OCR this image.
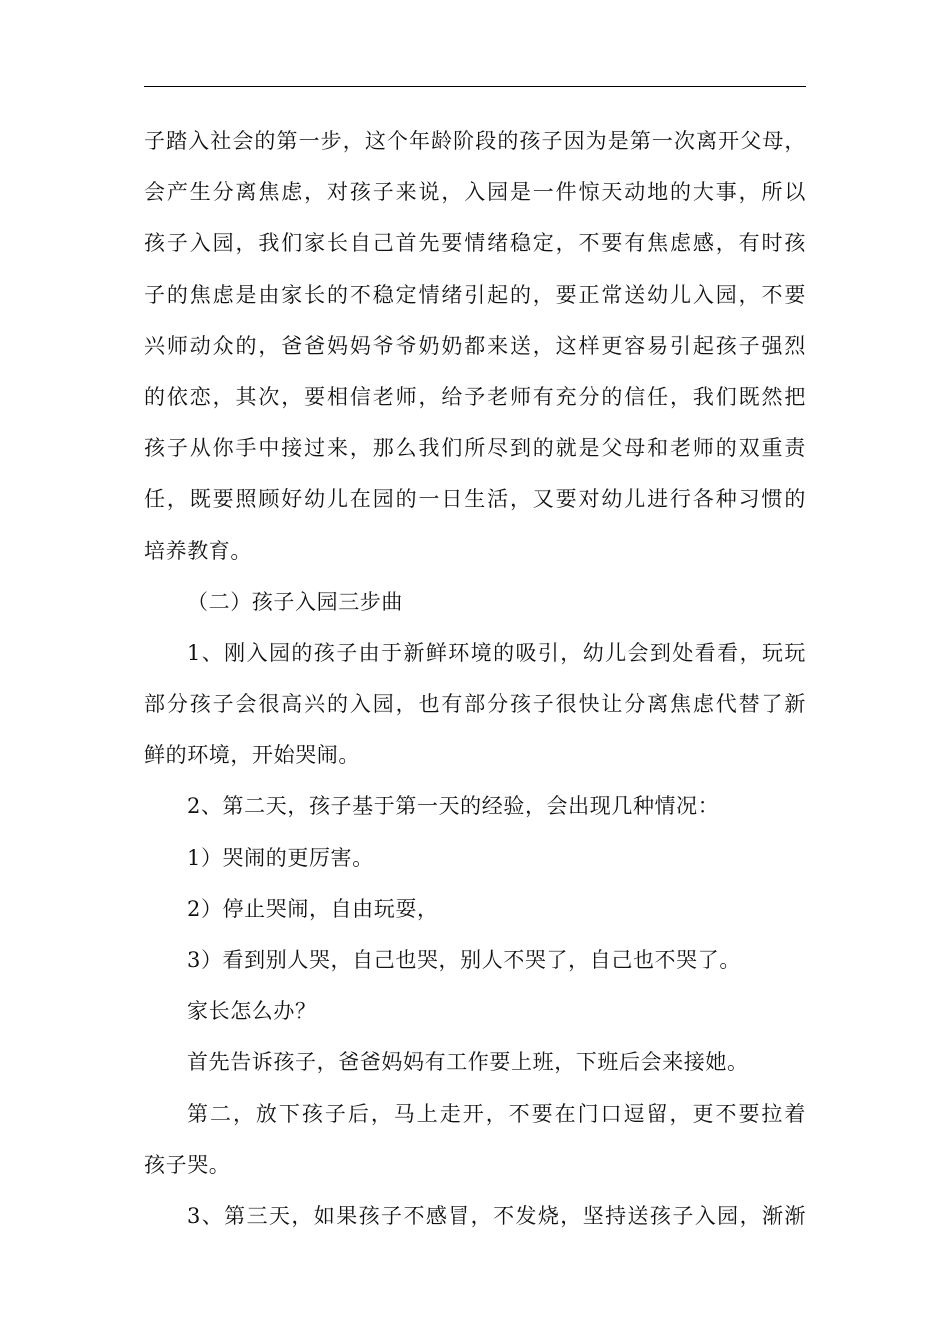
子踏入社会的第一步，这个年龄阶段的孩子因为是第一次离开父母，
会产生分离焦虑，对孩子来说，入园是一件惊天动地的大事，所以
孩子入园，我们家长自己首先要情绪稳定，不要有焦虑感，有时孩
子的焦虑是由家长的不稳定情绪引起的，要正常送幼儿入园，不要
兴师动众的，爸爸妈妈爷爷奶奶都来送，这样更容易引起孩子强烈
的依恋，其次，要相信老师，给予老师有充分的信任，我们既然把
孩子从你手中接过来，那么我们所尽到的就是父母和老师的双重责
任，既要照顾好幼儿在园的一日生活，又要对幼儿进行各种习惯的
培养教育。
（二）孩子入园三步曲
1、刚入园的孩子由于新鲜环境的吸引，幼儿会到处看看，玩玩
部分孩子会很高兴的入园，也有部分孩子很快让分离焦虑代替了新
鲜的环境，开始哭闹。
2、第二天，孩子基于第一天的经验，会出现几种情况：
1）哭闹的更厉害。
2）停止哭闹，自由玩耍，
3）看到别人哭，自己也哭，别人不哭了，自己也不哭了。
家长怎么办？
首先告诉孩子，爸爸妈妈有工作要上班，下班后会来接她。
第二，放下孩子后，马上走开，不要在门口逗留，更不要拉着
孩子哭。
3、第三天，如果孩子不感冒，不发烧，坚持送孩子入园，渐渐
